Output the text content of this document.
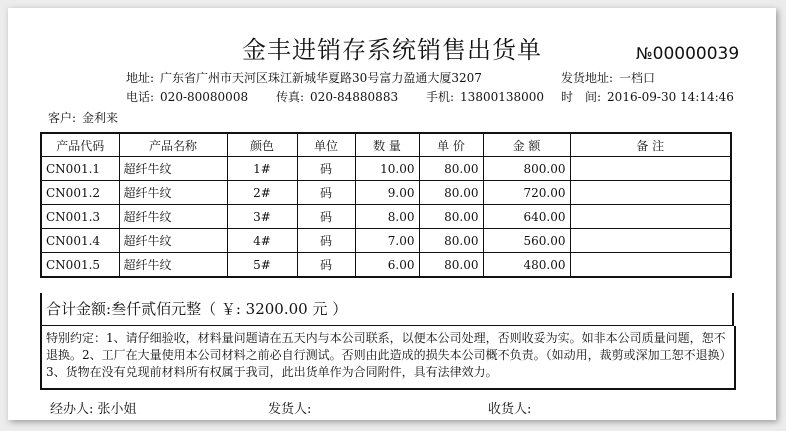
金丰进销存系统销售出货单	№00000039
地址: 广东省广州市天河区珠江新城华夏路30号富力盈通大厦3207	发货地址: 一档口
电话: 020-80080008 传真: 020-84880883 手机: 13800138000 时　间: 2016-09-30 14:14:46
客户: 金利来
产品代码	产品名称	颜色	单位	数 量	单 价	金 额	备 注
CN001.1	超纤牛纹	1#	码	10.00	80.00	800.00	
CN001.2	超纤牛纹	2#	码	9.00	80.00	720.00	
CN001.3	超纤牛纹	3#	码	8.00	80.00	640.00	
CN001.4	超纤牛纹	4#	码	7.00	80.00	560.00	
CN001.5	超纤牛纹	5#	码	6.00	80.00	480.00	
合计金额:叁仟贰佰元整（ ￥: 3200.00 元 ）
特别约定：1、请仔细验收，材料量问题请在五天内与本公司联系，以便本公司处理，否则收妥为实。如非本公司质量问题，恕不退换。2、工厂在大量使用本公司材料之前必自行测试。否则由此造成的损失本公司概不负责。（如动用，裁剪或深加工恕不退换）3、货物在没有兑现前材料所有权属于我司，此出货单作为合同附件，具有法律效力。
经办人: 张小姐	发货人:	收货人:
